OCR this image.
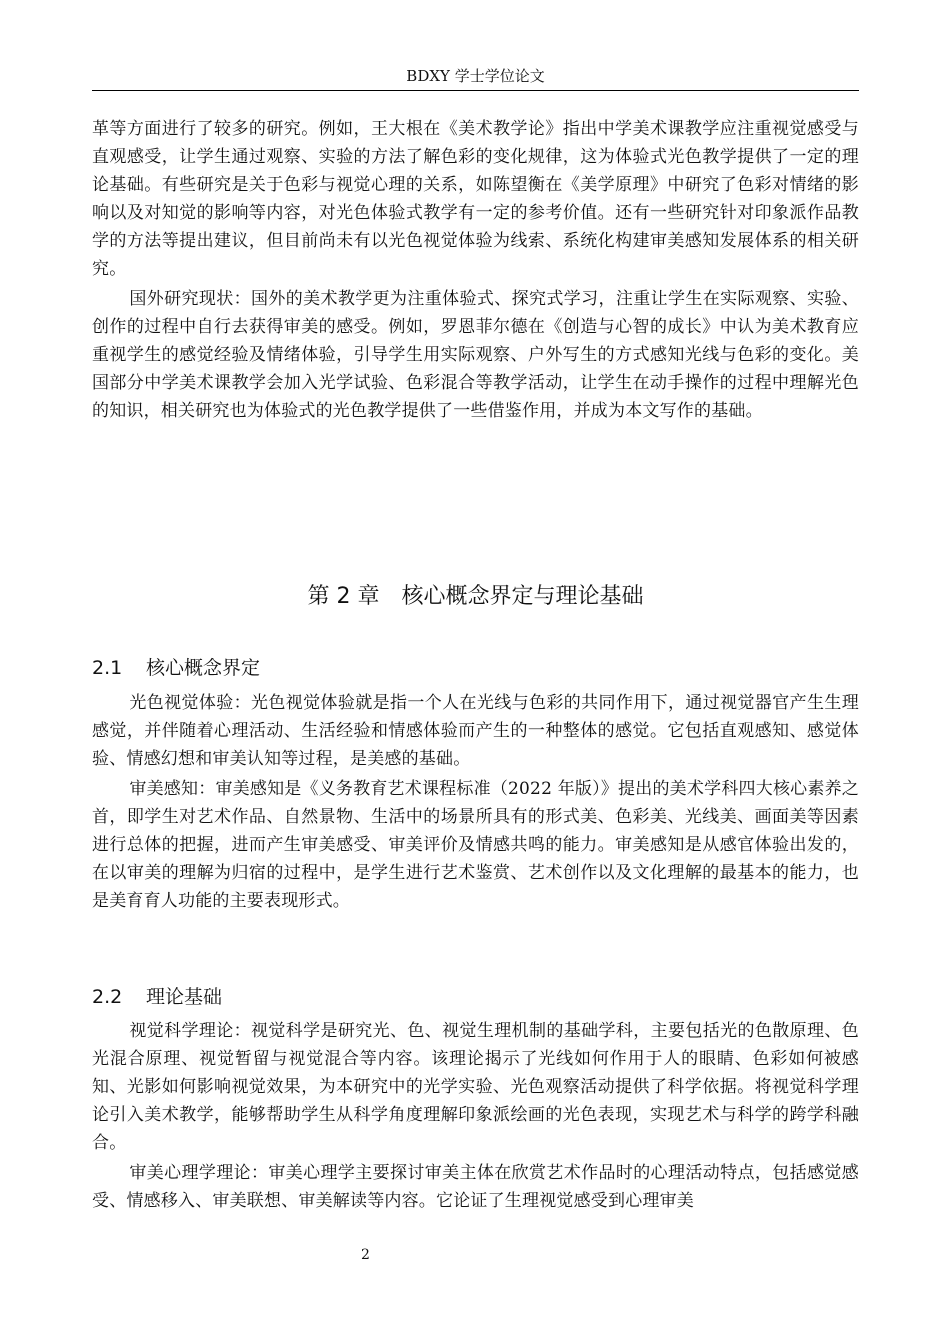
BDXY 学士学位论文

革等方面进行了较多的研究。例如，王大根在《美术教学论》指出中学美术课教学应注重视觉感受与直观感受，让学生通过观察、实验的方法了解色彩的变化规律，这为体验式光色教学提供了一定的理论基础。有些研究是关于色彩与视觉心理的关系，如陈望衡在《美学原理》中研究了色彩对情绪的影响以及对知觉的影响等内容，对光色体验式教学有一定的参考价值。还有一些研究针对印象派作品教学的方法等提出建议，但目前尚未有以光色视觉体验为线索、系统化构建审美感知发展体系的相关研究。

国外研究现状：国外的美术教学更为注重体验式、探究式学习，注重让学生在实际观察、实验、创作的过程中自行去获得审美的感受。例如，罗恩菲尔德在《创造与心智的成长》中认为美术教育应重视学生的感觉经验及情绪体验，引导学生用实际观察、户外写生的方式感知光线与色彩的变化。美国部分中学美术课教学会加入光学试验、色彩混合等教学活动，让学生在动手操作的过程中理解光色的知识，相关研究也为体验式的光色教学提供了一些借鉴作用，并成为本文写作的基础。

第 2 章 核心概念界定与理论基础
2.1 核心概念界定

光色视觉体验：光色视觉体验就是指一个人在光线与色彩的共同作用下，通过视觉器官产生生理感觉，并伴随着心理活动、生活经验和情感体验而产生的一种整体的感觉。它包括直观感知、感觉体验、情感幻想和审美认知等过程，是美感的基础。

审美感知：审美感知是《义务教育艺术课程标准（2022 年版）》提出的美术学科四大核心素养之首，即学生对艺术作品、自然景物、生活中的场景所具有的形式美、色彩美、光线美、画面美等因素进行总体的把握，进而产生审美感受、审美评价及情感共鸣的能力。审美感知是从感官体验出发的，在以审美的理解为归宿的过程中，是学生进行艺术鉴赏、艺术创作以及文化理解的最基本的能力，也是美育育人功能的主要表现形式。

2.2 理论基础

视觉科学理论：视觉科学是研究光、色、视觉生理机制的基础学科，主要包括光的色散原理、色光混合原理、视觉暂留与视觉混合等内容。该理论揭示了光线如何作用于人的眼睛、色彩如何被感知、光影如何影响视觉效果，为本研究中的光学实验、光色观察活动提供了科学依据。将视觉科学理论引入美术教学，能够帮助学生从科学角度理解印象派绘画的光色表现，实现艺术与科学的跨学科融合。

审美心理学理论：审美心理学主要探讨审美主体在欣赏艺术作品时的心理活动特点，包括感觉感受、情感移入、审美联想、审美解读等内容。它论证了生理视觉感受到心理审美

2
